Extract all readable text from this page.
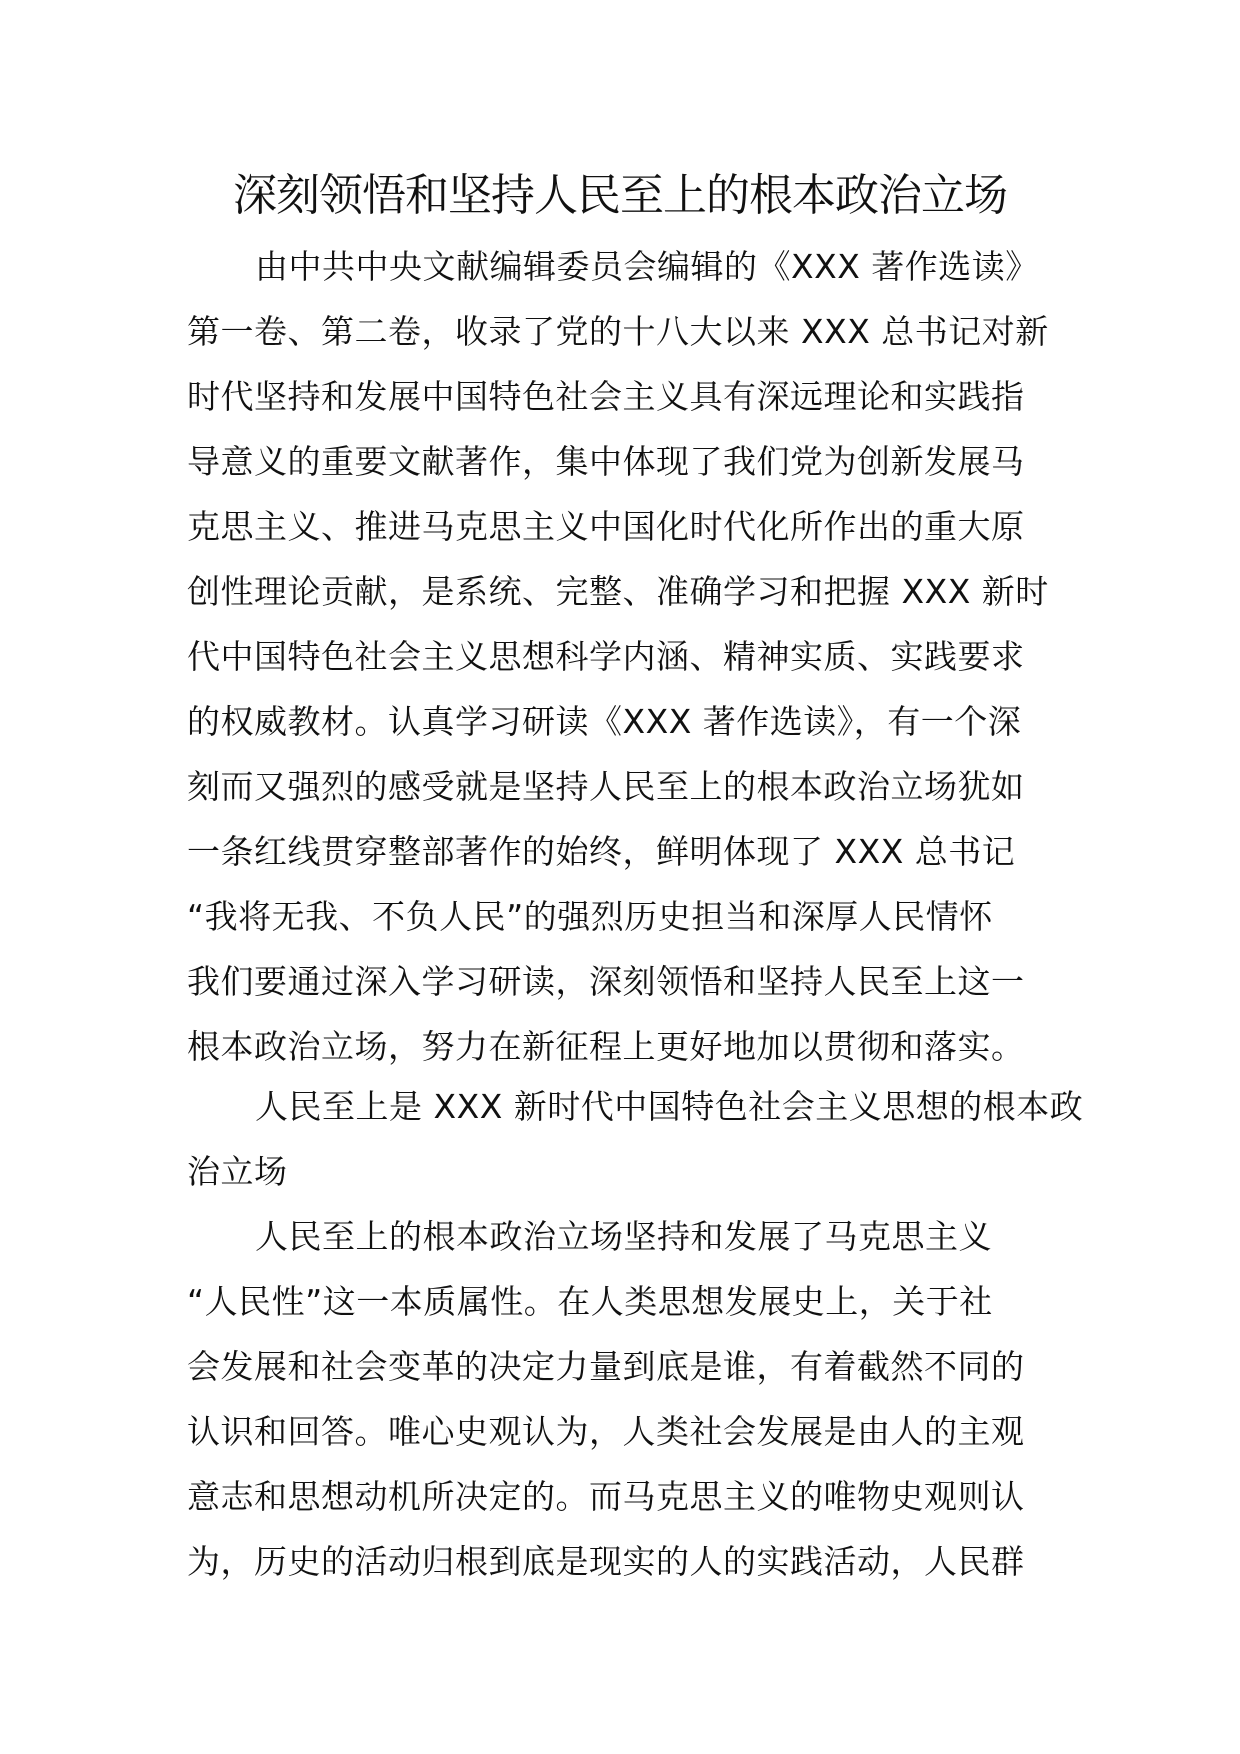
深刻领悟和坚持人民至上的根本政治立场
由中共中央文献编辑委员会编辑的《XXX 著作选读》
第一卷、第二卷，收录了党的十八大以来 XXX 总书记对新
时代坚持和发展中国特色社会主义具有深远理论和实践指
导意义的重要文献著作，集中体现了我们党为创新发展马
克思主义、推进马克思主义中国化时代化所作出的重大原
创性理论贡献，是系统、完整、准确学习和把握 XXX 新时
代中国特色社会主义思想科学内涵、精神实质、实践要求
的权威教材。认真学习研读《XXX 著作选读》，有一个深
刻而又强烈的感受就是坚持人民至上的根本政治立场犹如
一条红线贯穿整部著作的始终，鲜明体现了 XXX 总书记
“我将无我、不负人民”的强烈历史担当和深厚人民情怀
我们要通过深入学习研读，深刻领悟和坚持人民至上这一
根本政治立场，努力在新征程上更好地加以贯彻和落实。
人民至上是 XXX 新时代中国特色社会主义思想的根本政
治立场
人民至上的根本政治立场坚持和发展了马克思主义
“人民性”这一本质属性。在人类思想发展史上，关于社
会发展和社会变革的决定力量到底是谁，有着截然不同的
认识和回答。唯心史观认为，人类社会发展是由人的主观
意志和思想动机所决定的。而马克思主义的唯物史观则认
为，历史的活动归根到底是现实的人的实践活动，人民群
